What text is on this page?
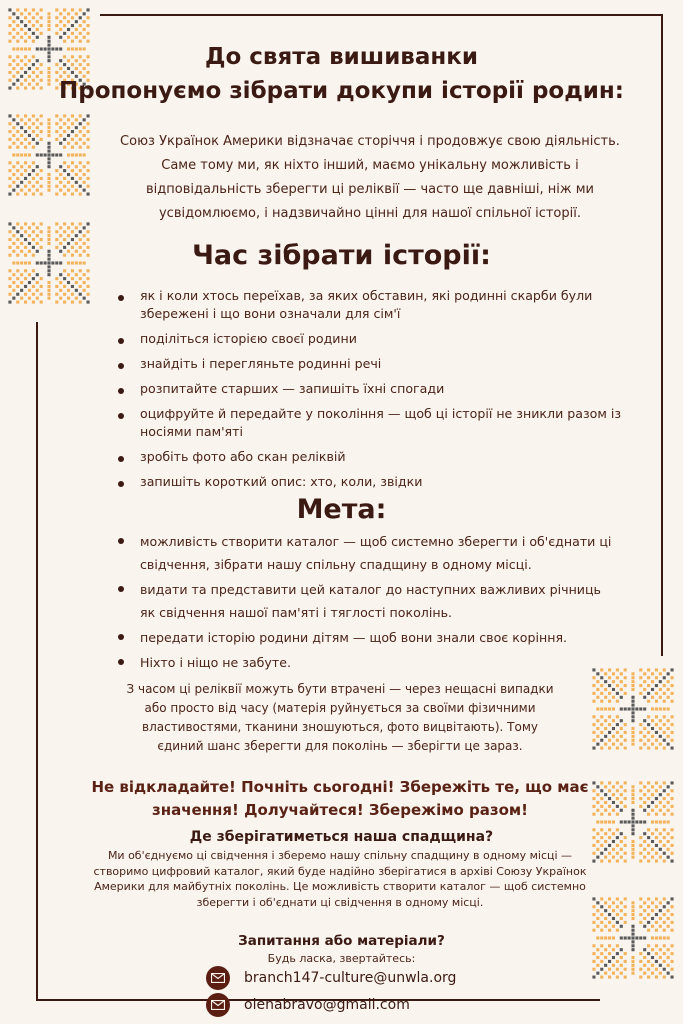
До свята вишиванки
Пропонуємо зібрати докупи історії родин:

Союз Українок Америки відзначає сторіччя і продовжує свою діяльність. Саме тому ми, як ніхто інший, маємо унікальну можливість і відповідальність зберегти ці реліквії — часто ще давніші, ніж ми усвідомлюємо, і надзвичайно цінні для нашої спільної історії.

Час зібрати історії:
як і коли хтось переїхав, за яких обставин, які родинні скарби були збережені і що вони означали для сім'ї
поділіться історією своєї родини
знайдіть і перегляньте родинні речі
розпитайте старших — запишіть їхні спогади
оцифруйте й передайте у покоління — щоб ці історії не зникли разом із носіями пам'яті
зробіть фото або скан реліквій
запишіть короткий опис: хто, коли, звідки
Мета:
можливість створити каталог — щоб системно зберегти і об'єднати ці свідчення, зібрати нашу спільну спадщину в одному місці.
видати та представити цей каталог до наступних важливих річниць як свідчення нашої пам'яті і тяглості поколінь.
передати історію родини дітям — щоб вони знали своє коріння.
Ніхто і ніщо не забуте.

З часом ці реліквії можуть бути втрачені — через нещасні випадки або просто від часу (матерія руйнується за своїми фізичними властивостями, тканини зношуються, фото вицвітають). Тому єдиний шанс зберегти для поколінь — зберігти це зараз.

Не відкладайте! Почніть сьогодні! Збережіть те, що має значення! Долучайтеся! Збережімо разом!

Де зберігатиметься наша спадщина?

Ми об'єднуємо ці свідчення і зберемо нашу спільну спадщину в одному місці — створимо цифровий каталог, який буде надійно зберігатися в архіві Союзу Українок Америки для майбутніх поколінь. Це можливість створити каталог — щоб системно зберегти і об'єднати ці свідчення в одному місці.

Запитання або матеріали?
Будь ласка, звертайтесь:
branch147-culture@unwla.org
olenabravo@gmail.com
